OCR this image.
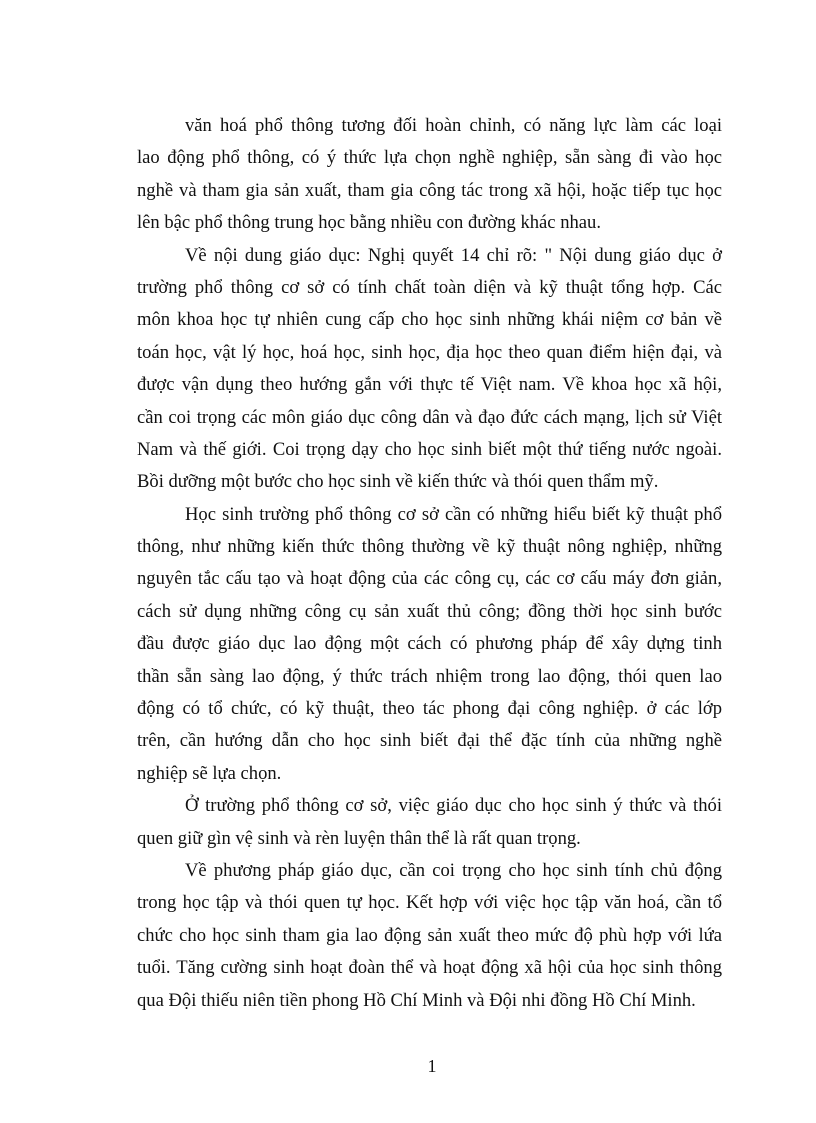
văn hoá phổ thông tương đối hoàn chỉnh, có năng lực làm các loại
lao động phổ thông, có ý thức lựa chọn nghề nghiệp, sẵn sàng đi vào học
nghề và tham gia sản xuất, tham gia công tác trong xã hội, hoặc tiếp tục học
lên bậc phổ thông trung học bằng nhiều con đường khác nhau.
Về nội dung giáo dục: Nghị quyết 14 chỉ rõ: " Nội dung giáo dục ở
trường phổ thông cơ sở có tính chất toàn diện và kỹ thuật tổng hợp. Các
môn khoa học tự nhiên cung cấp cho học sinh những khái niệm cơ bản về
toán học, vật lý học, hoá học, sinh học, địa học theo quan điểm hiện đại, và
được vận dụng theo hướng gắn với thực tế Việt nam. Về khoa học xã hội,
cần coi trọng các môn giáo dục công dân và đạo đức cách mạng, lịch sử Việt
Nam và thế giới. Coi trọng dạy cho học sinh biết một thứ tiếng nước ngoài.
Bồi dưỡng một bước cho học sinh về kiến thức và thói quen thẩm mỹ.
Học sinh trường phổ thông cơ sở cần có những hiểu biết kỹ thuật phổ
thông, như những kiến thức thông thường về kỹ thuật nông nghiệp, những
nguyên tắc cấu tạo và hoạt động của các công cụ, các cơ cấu máy đơn giản,
cách sử dụng những công cụ sản xuất thủ công; đồng thời học sinh bước
đầu được giáo dục lao động một cách có phương pháp để xây dựng tinh
thần sẵn sàng lao động, ý thức trách nhiệm trong lao động, thói quen lao
động có tổ chức, có kỹ thuật, theo tác phong đại công nghiệp. ở các lớp
trên, cần hướng dẫn cho học sinh biết đại thể đặc tính của những nghề
nghiệp sẽ lựa chọn.
Ở trường phổ thông cơ sở, việc giáo dục cho học sinh ý thức và thói
quen giữ gìn vệ sinh và rèn luyện thân thể là rất quan trọng.
Về phương pháp giáo dục, cần coi trọng cho học sinh tính chủ động
trong học tập và thói quen tự học. Kết hợp với việc học tập văn hoá, cần tổ
chức cho học sinh tham gia lao động sản xuất theo mức độ phù hợp với lứa
tuổi. Tăng cường sinh hoạt đoàn thể và hoạt động xã hội của học sinh thông
qua Đội thiếu niên tiền phong Hồ Chí Minh và Đội nhi đồng Hồ Chí Minh.
1
